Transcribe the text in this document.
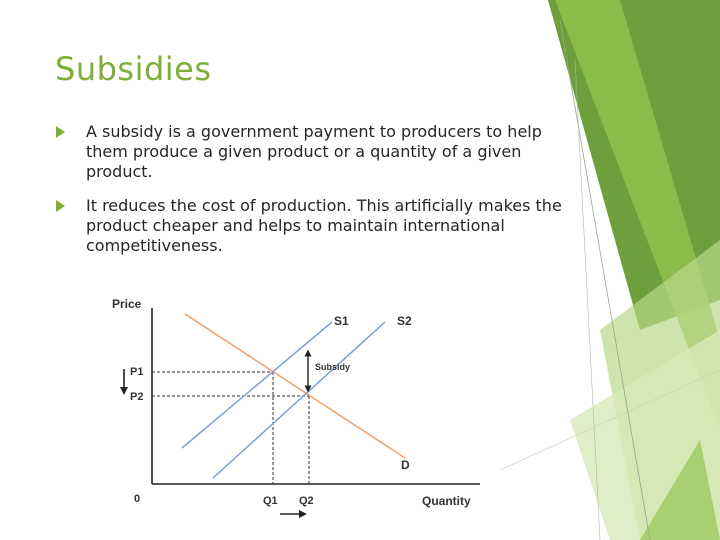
Subsidies
A subsidy is a government payment to producers to help them produce a given product or a quantity of a given product.
It reduces the cost of production. This artificially makes the product cheaper and helps to maintain international competitiveness.
Price
Quantity
0
S1	S2
D
P1
P2
Q1 Q2
Subsidy
